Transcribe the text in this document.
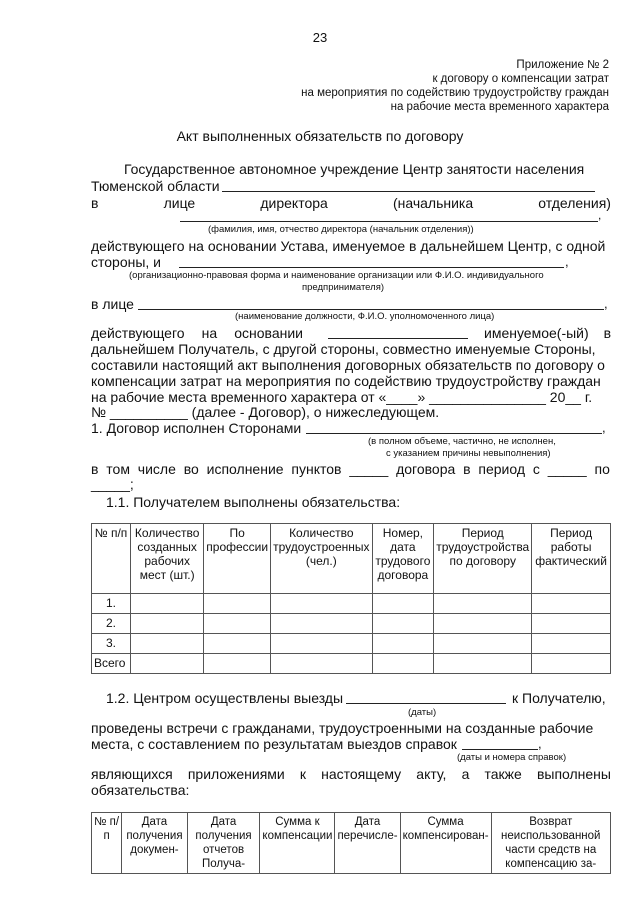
23
Приложение № 2
к договору о компенсации затрат
на мероприятия по содействию трудоустройству граждан
на рабочие места временного характера
Акт выполненных обязательств по договору
Государственное автономное учреждение Центр занятости населения
Тюменской области
в	лице	директора	(начальника	отделения)
,
(фамилия, имя, отчество директора (начальник отделения))
действующего на основании Устава, именуемое в дальнейшем Центр, с одной
стороны, и	,
(организационно-правовая форма и наименование организации или Ф.И.О. индивидуального
предпринимателя)
в лице	,
(наименование должности, Ф.И.О. уполномоченного лица)
действующего на основании	именуемое(-ый) в
дальнейшем Получатель, с другой стороны, совместно именуемые Стороны,
составили настоящий акт выполнения договорных обязательств по договору о
компенсации затрат на мероприятия по содействию трудоустройству граждан
на рабочие места временного характера от «____» _______________ 20__ г.
№ __________ (далее - Договор), о нижеследующем.
1. Договор исполнен Сторонами	,
(в полном объеме, частично, не исполнен,
с указанием причины невыполнения)
в том числе во исполнение пунктов _____ договора в период с _____ по
_____;
1.1. Получателем выполнены обязательства:
№ п/п	Количество созданных рабочих мест (шт.)	По профессии	Количество трудоустроенных (чел.)	Номер, дата трудового договора	Период трудоустройства по договору	Период работы фактический
1.						
2.						
3.						
Всего						
1.2. Центром осуществлены выезды	к Получателю,
(даты)
проведены встречи с гражданами, трудоустроенными на созданные рабочие
места, с составлением по результатам выездов справок	,
(даты и номера справок)
являющихся приложениями к настоящему акту, а также выполнены
обязательства:
№ п/п	Дата получения докумен-	Дата получения отчетов Получа-	Сумма к компенсации	Дата перечисле-	Сумма компенсирован-	Возврат неиспользованной части средств на компенсацию за-
